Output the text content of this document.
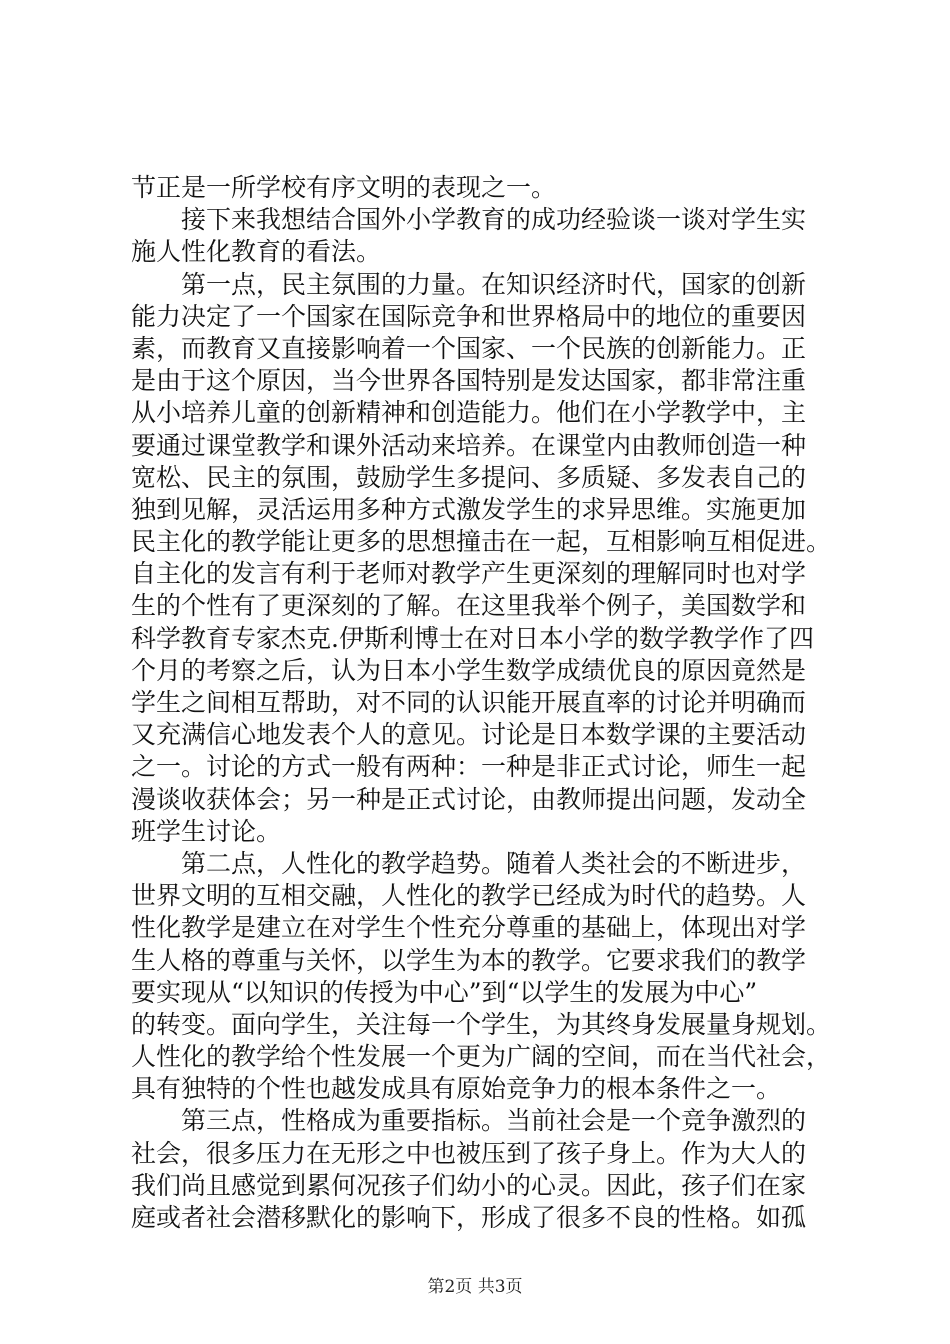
节正是一所学校有序文明的表现之一。
接下来我想结合国外小学教育的成功经验谈一谈对学生实
施人性化教育的看法。
第一点，民主氛围的力量。在知识经济时代，国家的创新
能力决定了一个国家在国际竞争和世界格局中的地位的重要因
素，而教育又直接影响着一个国家、一个民族的创新能力。正
是由于这个原因，当今世界各国特别是发达国家，都非常注重
从小培养儿童的创新精神和创造能力。他们在小学教学中，主
要通过课堂教学和课外活动来培养。在课堂内由教师创造一种
宽松、民主的氛围，鼓励学生多提问、多质疑、多发表自己的
独到见解，灵活运用多种方式激发学生的求异思维。实施更加
民主化的教学能让更多的思想撞击在一起，互相影响互相促进。
自主化的发言有利于老师对教学产生更深刻的理解同时也对学
生的个性有了更深刻的了解。在这里我举个例子，美国数学和
科学教育专家杰克.伊斯利博士在对日本小学的数学教学作了四
个月的考察之后，认为日本小学生数学成绩优良的原因竟然是
学生之间相互帮助，对不同的认识能开展直率的讨论并明确而
又充满信心地发表个人的意见。讨论是日本数学课的主要活动
之一。讨论的方式一般有两种：一种是非正式讨论，师生一起
漫谈收获体会；另一种是正式讨论，由教师提出问题，发动全
班学生讨论。
第二点，人性化的教学趋势。随着人类社会的不断进步，
世界文明的互相交融，人性化的教学已经成为时代的趋势。人
性化教学是建立在对学生个性充分尊重的基础上，体现出对学
生人格的尊重与关怀，以学生为本的教学。它要求我们的教学
要实现从“以知识的传授为中心”到“以学生的发展为中心”
的转变。面向学生，关注每一个学生，为其终身发展量身规划。
人性化的教学给个性发展一个更为广阔的空间，而在当代社会，
具有独特的个性也越发成具有原始竞争力的根本条件之一。
第三点，性格成为重要指标。当前社会是一个竞争激烈的
社会，很多压力在无形之中也被压到了孩子身上。作为大人的
我们尚且感觉到累何况孩子们幼小的心灵。因此，孩子们在家
庭或者社会潜移默化的影响下，形成了很多不良的性格。如孤
第2页 共3页
